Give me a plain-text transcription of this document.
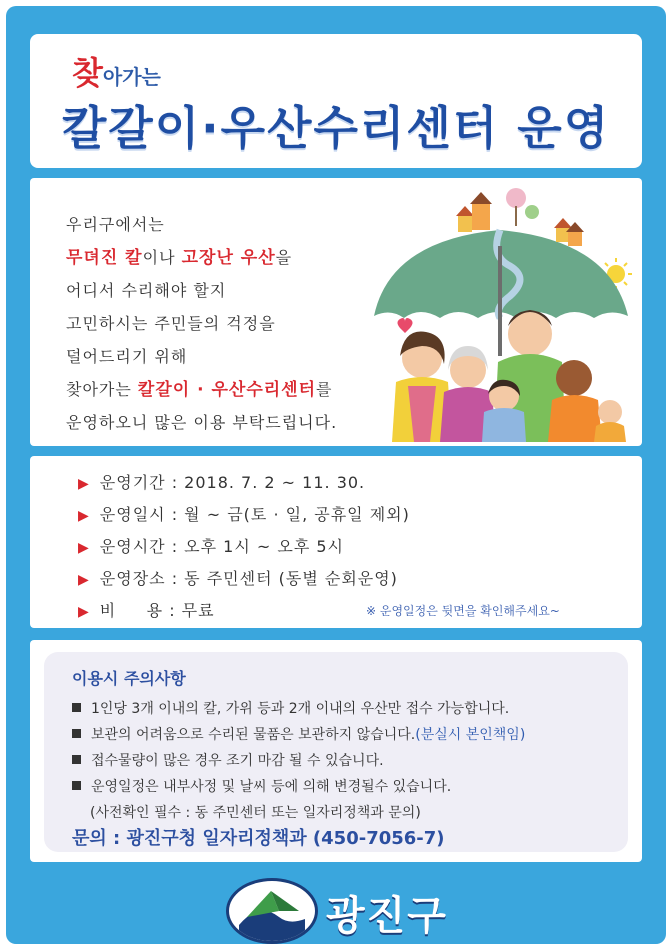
찾아가는
칼갈이·우산수리센터 운영
우리구에서는
무뎌진 칼이나 고장난 우산을
어디서 수리해야 할지
고민하시는 주민들의 걱정을
덜어드리기 위해
찾아가는 칼갈이 · 우산수리센터를
운영하오니 많은 이용 부탁드립니다.
▶ 운영기간 : 2018. 7. 2 ~ 11. 30.
▶ 운영일시 : 월 ~ 금(토 · 일, 공휴일 제외)
▶ 운영시간 : 오후 1시 ~ 오후 5시
▶ 운영장소 : 동 주민센터 (동별 순회운영)
▶ 비     용 : 무료	※ 운영일정은 뒷면을 확인해주세요~
이용시 주의사항
1인당 3개 이내의 칼, 가위 등과 2개 이내의 우산만 접수 가능합니다.
보관의 어려움으로 수리된 물품은 보관하지 않습니다.(분실시 본인책임)
접수물량이 많은 경우 조기 마감 될 수 있습니다.
운영일정은 내부사정 및 날씨 등에 의해 변경될수 있습니다.
(사전확인 필수 : 동 주민센터 또는 일자리정책과 문의)
문의 : 광진구청 일자리정책과 (450-7056-7)
광진구
